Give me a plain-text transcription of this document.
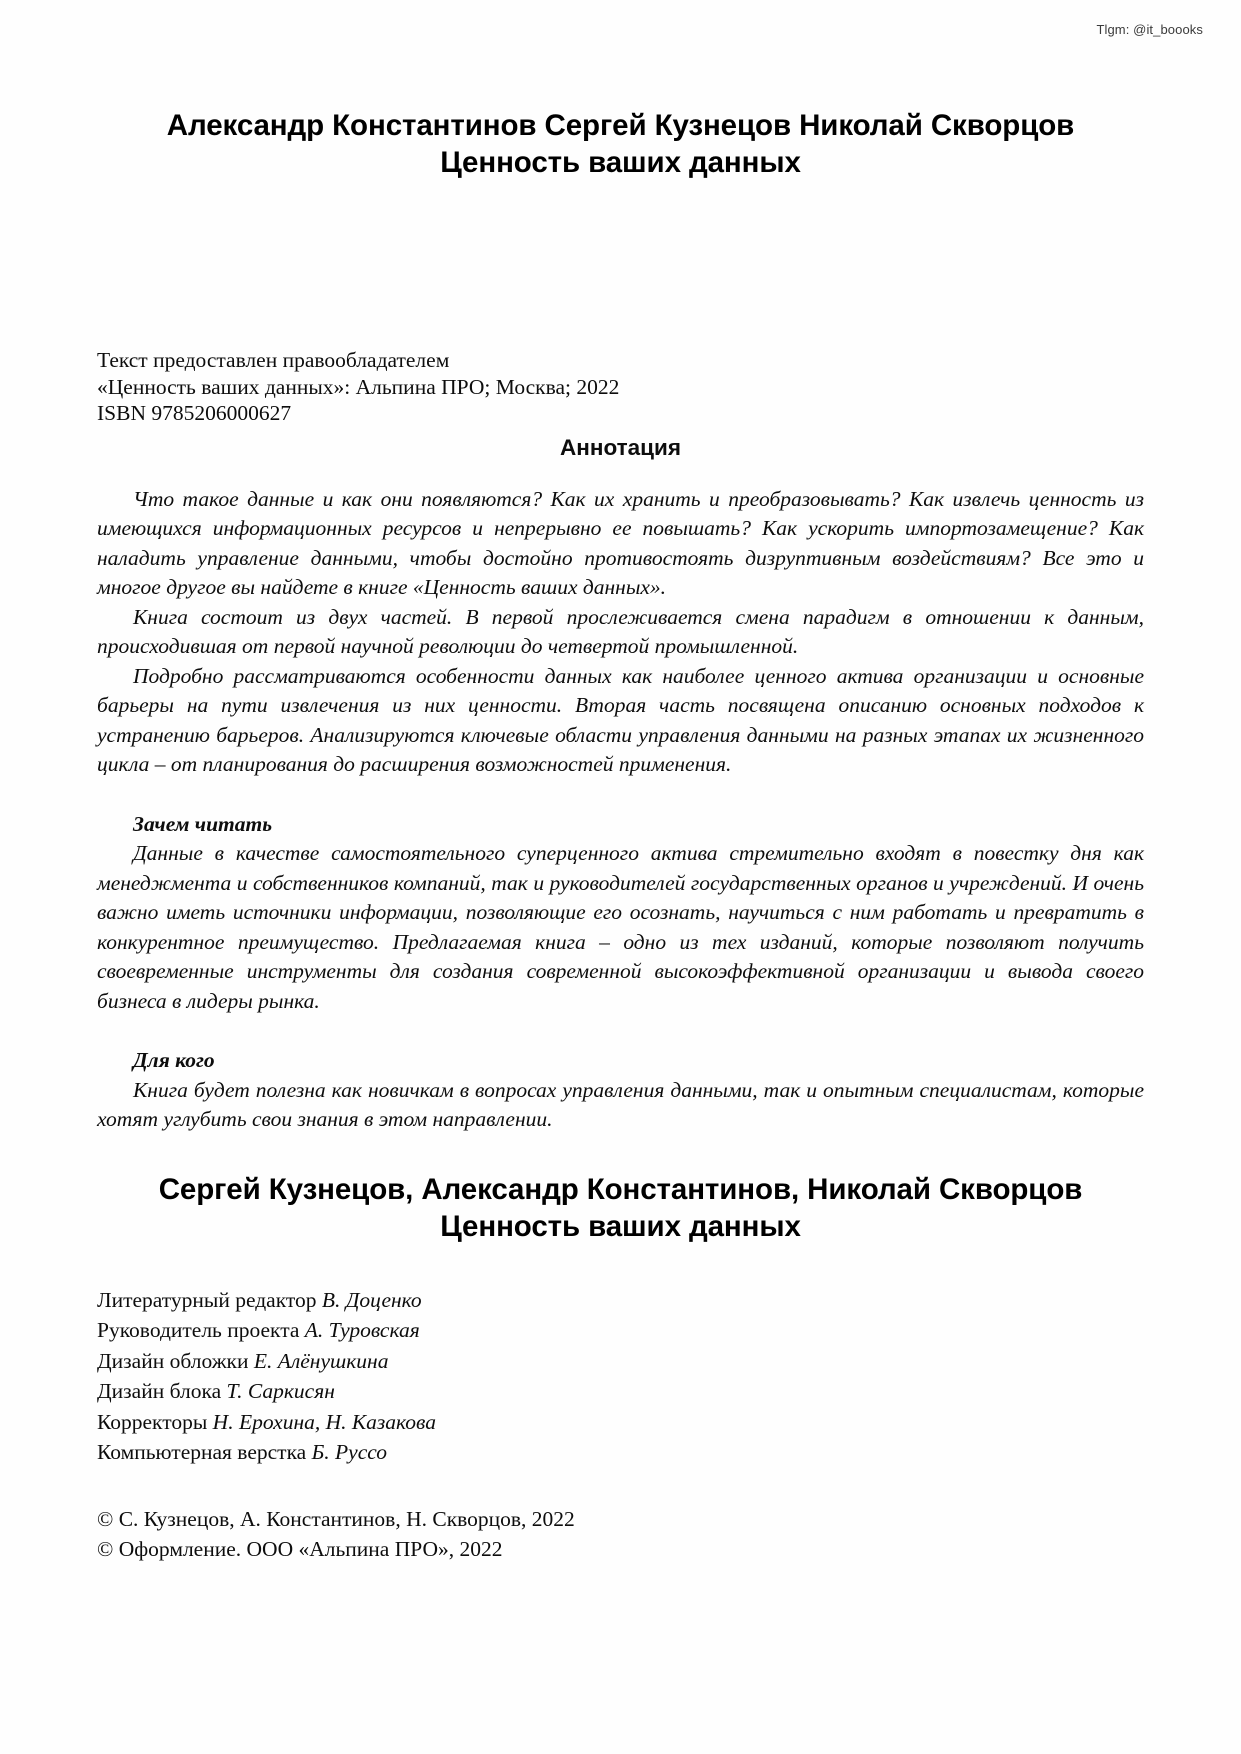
Tlgm: @it_boooks
Александр Константинов Сергей Кузнецов Николай Скворцов
Ценность ваших данных
Текст предоставлен правообладателем
«Ценность ваших данных»: Альпина ПРО; Москва; 2022
ISBN 9785206000627
Аннотация

Что такое данные и как они появляются? Как их хранить и преобразовывать? Как извлечь ценность из имеющихся информационных ресурсов и непрерывно ее повышать? Как ускорить импортозамещение? Как наладить управление данными, чтобы достойно противостоять дизруптивным воздействиям? Все это и многое другое вы найдете в книге «Ценность ваших данных».

Книга состоит из двух частей. В первой прослеживается смена парадигм в отношении к данным, происходившая от первой научной революции до четвертой промышленной.

Подробно рассматриваются особенности данных как наиболее ценного актива организации и основные барьеры на пути извлечения из них ценности. Вторая часть посвящена описанию основных подходов к устранению барьеров. Анализируются ключевые области управления данными на разных этапах их жизненного цикла – от планирования до расширения возможностей применения.

Зачем читать

Данные в качестве самостоятельного суперценного актива стремительно входят в повестку дня как менеджмента и собственников компаний, так и руководителей государственных органов и учреждений. И очень важно иметь источники информации, позволяющие его осознать, научиться с ним работать и превратить в конкурентное преимущество. Предлагаемая книга – одно из тех изданий, которые позволяют получить своевременные инструменты для создания современной высокоэффективной организации и вывода своего бизнеса в лидеры рынка.

Для кого

Книга будет полезна как новичкам в вопросах управления данными, так и опытным специалистам, которые хотят углубить свои знания в этом направлении.

Сергей Кузнецов, Александр Константинов, Николай Скворцов
Ценность ваших данных
Литературный редактор В. Доценко
Руководитель проекта А. Туровская
Дизайн обложки Е. Алёнушкина
Дизайн блока Т. Саркисян
Корректоры Н. Ерохина, Н. Казакова
Компьютерная верстка Б. Руссо
© С. Кузнецов, А. Константинов, Н. Скворцов, 2022
© Оформление. ООО «Альпина ПРО», 2022
